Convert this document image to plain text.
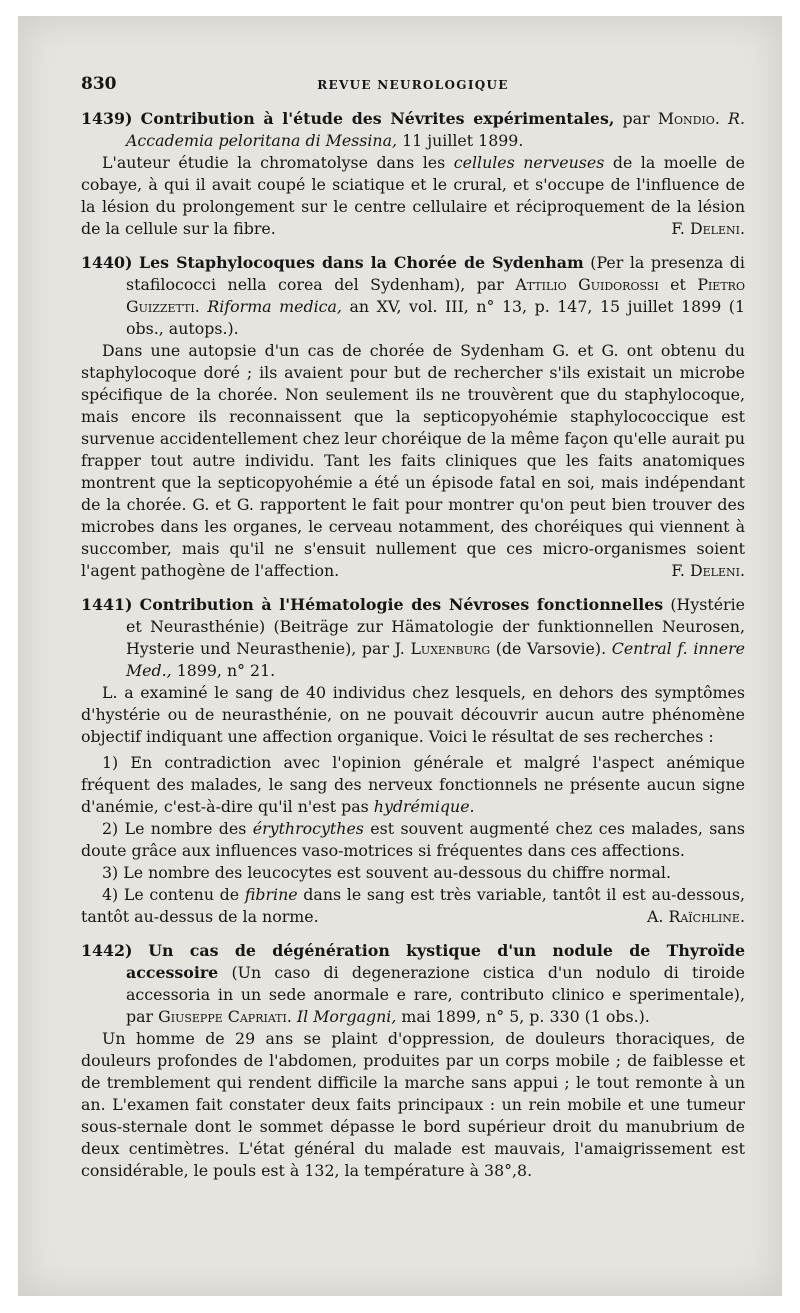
830	REVUE NEUROLOGIQUE

1439) Contribution à l'étude des Névrites expérimentales, par Mondio. R. Accademia peloritana di Messina, 11 juillet 1899.

L'auteur étudie la chromatolyse dans les cellules nerveuses de la moelle de cobaye, à qui il avait coupé le sciatique et le crural, et s'occupe de l'influence de la lésion du prolongement sur le centre cellulaire et réciproquement de la lésion de la cellule sur la fibre.	F. Deleni.

1440) Les Staphylocoques dans la Chorée de Sydenham (Per la presenza di stafilococci nella corea del Sydenham), par Attilio Guidorossi et Pietro Guizzetti. Riforma medica, an XV, vol. III, n° 13, p. 147, 15 juillet 1899 (1 obs., autops.).

Dans une autopsie d'un cas de chorée de Sydenham G. et G. ont obtenu du staphylocoque doré ; ils avaient pour but de rechercher s'ils existait un microbe spécifique de la chorée. Non seulement ils ne trouvèrent que du staphylocoque, mais encore ils reconnaissent que la septicopyohémie staphylococcique est survenue accidentellement chez leur choréique de la même façon qu'elle aurait pu frapper tout autre individu. Tant les faits cliniques que les faits anatomiques montrent que la septicopyohémie a été un épisode fatal en soi, mais indépendant de la chorée. G. et G. rapportent le fait pour montrer qu'on peut bien trouver des microbes dans les organes, le cerveau notamment, des choréiques qui viennent à succomber, mais qu'il ne s'ensuit nullement que ces micro-organismes soient l'agent pathogène de l'affection.	F. Deleni.

1441) Contribution à l'Hématologie des Névroses fonctionnelles (Hystérie et Neurasthénie) (Beiträge zur Hämatologie der funktionnellen Neurosen, Hysterie und Neurasthenie), par J. Luxenburg (de Varsovie). Central f. innere Med., 1899, n° 21.

L. a examiné le sang de 40 individus chez lesquels, en dehors des symptômes d'hystérie ou de neurasthénie, on ne pouvait découvrir aucun autre phénomène objectif indiquant une affection organique. Voici le résultat de ses recherches :

1) En contradiction avec l'opinion générale et malgré l'aspect anémique fréquent des malades, le sang des nerveux fonctionnels ne présente aucun signe d'anémie, c'est-à-dire qu'il n'est pas hydrémique.

2) Le nombre des érythrocythes est souvent augmenté chez ces malades, sans doute grâce aux influences vaso-motrices si fréquentes dans ces affections.

3) Le nombre des leucocytes est souvent au-dessous du chiffre normal.

4) Le contenu de fibrine dans le sang est très variable, tantôt il est au-dessous, tantôt au-dessus de la norme.	A. Raïchline.

1442) Un cas de dégénération kystique d'un nodule de Thyroïde accessoire (Un caso di degenerazione cistica d'un nodulo di tiroide accessoria in un sede anormale e rare, contributo clinico e sperimentale), par Giuseppe Capriati. Il Morgagni, mai 1899, n° 5, p. 330 (1 obs.).

Un homme de 29 ans se plaint d'oppression, de douleurs thoraciques, de douleurs profondes de l'abdomen, produites par un corps mobile ; de faiblesse et de tremblement qui rendent difficile la marche sans appui ; le tout remonte à un an. L'examen fait constater deux faits principaux : un rein mobile et une tumeur sous-sternale dont le sommet dépasse le bord supérieur droit du manubrium de deux centimètres. L'état général du malade est mauvais, l'amaigrissement est considérable, le pouls est à 132, la température à 38°,8.
